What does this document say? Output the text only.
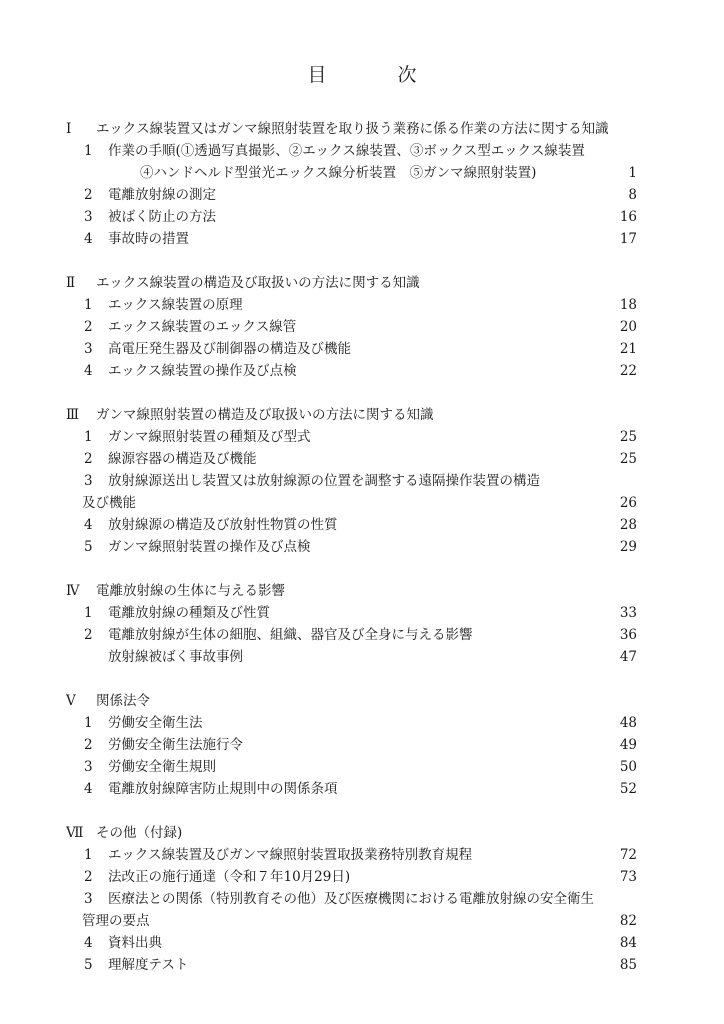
目　次
Ⅰ エックス線装置又はガンマ線照射装置を取り扱う業務に係る作業の方法に関する知識
1 作業の手順(①透過写真撮影、②エックス線装置、③ボックス型エックス線装置
④ハンドヘルド型蛍光エックス線分析装置　⑤ガンマ線照射装置)	1
2 電離放射線の測定	8
3 被ばく防止の方法	16
4 事故時の措置	17
Ⅱ エックス線装置の構造及び取扱いの方法に関する知識
1 エックス線装置の原理	18
2 エックス線装置のエックス線管	20
3 高電圧発生器及び制御器の構造及び機能	21
4 エックス線装置の操作及び点検	22
Ⅲ ガンマ線照射装置の構造及び取扱いの方法に関する知識
1 ガンマ線照射装置の種類及び型式	25
2 線源容器の構造及び機能	25
3 放射線源送出し装置又は放射線源の位置を調整する遠隔操作装置の構造
及び機能	26
4 放射線源の構造及び放射性物質の性質	28
5 ガンマ線照射装置の操作及び点検	29
Ⅳ 電離放射線の生体に与える影響
1 電離放射線の種類及び性質	33
2 電離放射線が生体の細胞、組織、器官及び全身に与える影響	36
放射線被ばく事故事例	47
Ⅴ 関係法令
1 労働安全衛生法	48
2 労働安全衛生法施行令	49
3 労働安全衛生規則	50
4 電離放射線障害防止規則中の関係条項	52
Ⅶ その他（付録)
1 エックス線装置及びガンマ線照射装置取扱業務特別教育規程	72
2 法改正の施行通達（令和７年10月29日)	73
3 医療法との関係（特別教育その他）及び医療機関における電離放射線の安全衛生
管理の要点	82
4 資料出典	84
5 理解度テスト	85
